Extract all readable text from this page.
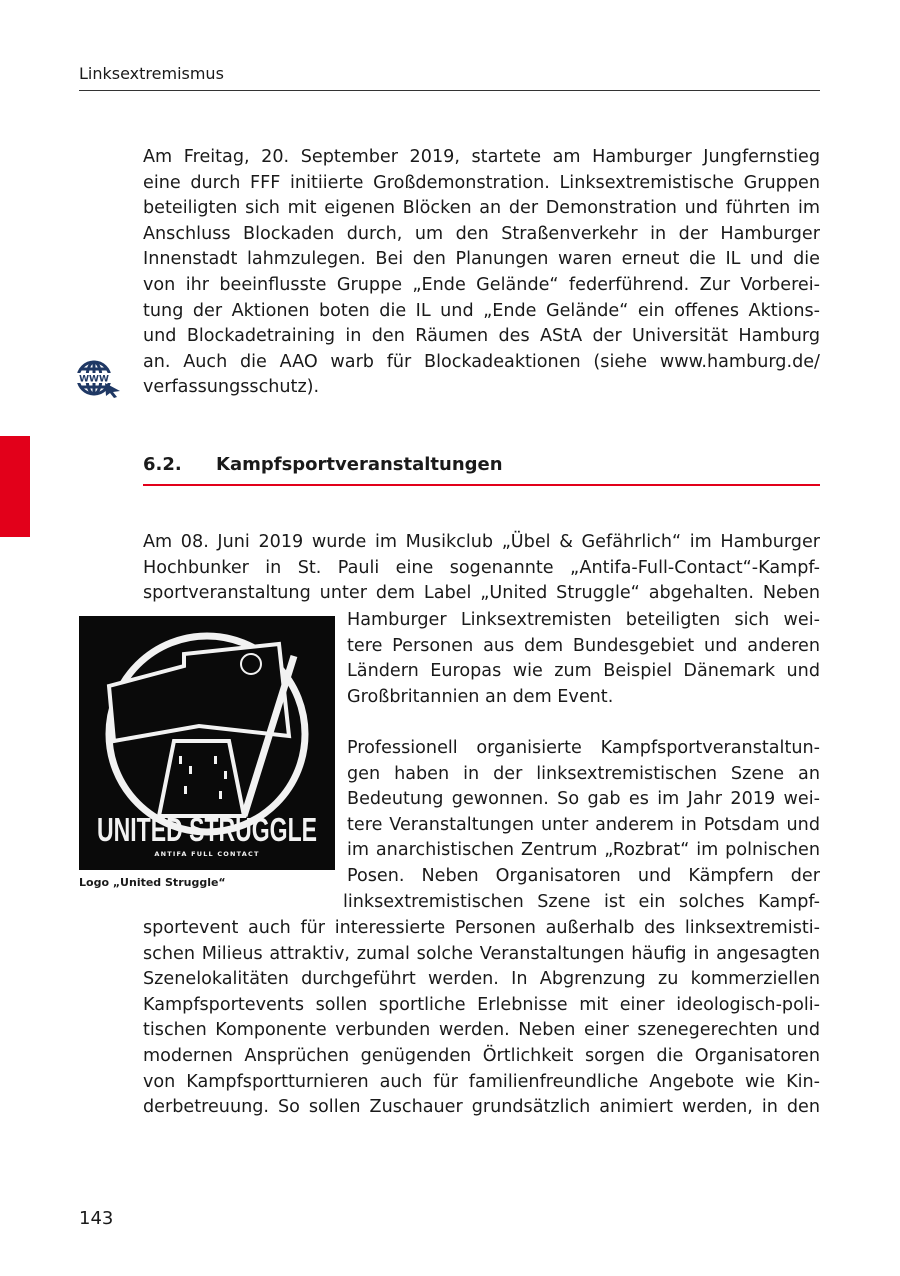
Linksextremismus
WWW
6.2. Kampfsportveranstaltungen
UNITED STRUGGLE
ANTIFA FULL CONTACT
Logo „United Struggle“
Am Freitag, 20. September 2019, startete am Hamburger Jungfernstieg
eine durch FFF initiierte Großdemonstration. Linksextremistische Gruppen
beteiligten sich mit eigenen Blöcken an der Demonstration und führten im
Anschluss Blockaden durch, um den Straßenverkehr in der Hamburger
Innenstadt lahmzulegen. Bei den Planungen waren erneut die IL und die
von ihr beeinflusste Gruppe „Ende Gelände“ federführend. Zur Vorberei-
tung der Aktionen boten die IL und „Ende Gelände“ ein offenes Aktions-
und Blockadetraining in den Räumen des AStA der Universität Hamburg
an. Auch die AAO warb für Blockadeaktionen (siehe www.hamburg.de/
verfassungsschutz).
Am 08. Juni 2019 wurde im Musikclub „Übel & Gefährlich“ im Hamburger
Hochbunker in St. Pauli eine sogenannte „Antifa-Full-Contact“-Kampf-
sportveranstaltung unter dem Label „United Struggle“ abgehalten. Neben
Hamburger Linksextremisten beteiligten sich wei-
tere Personen aus dem Bundesgebiet und anderen
Ländern Europas wie zum Beispiel Dänemark und
Großbritannien an dem Event.
Professionell organisierte Kampfsportveranstaltun-
gen haben in der linksextremistischen Szene an
Bedeutung gewonnen. So gab es im Jahr 2019 wei-
tere Veranstaltungen unter anderem in Potsdam und
im anarchistischen Zentrum „Rozbrat“ im polnischen
Posen. Neben Organisatoren und Kämpfern der
linksextremistischen Szene ist ein solches Kampf-
sportevent auch für interessierte Personen außerhalb des linksextremisti-
schen Milieus attraktiv, zumal solche Veranstaltungen häufig in angesagten
Szenelokalitäten durchgeführt werden. In Abgrenzung zu kommerziellen
Kampfsportevents sollen sportliche Erlebnisse mit einer ideologisch-poli-
tischen Komponente verbunden werden. Neben einer szenegerechten und
modernen Ansprüchen genügenden Örtlichkeit sorgen die Organisatoren
von Kampfsportturnieren auch für familienfreundliche Angebote wie Kin-
derbetreuung. So sollen Zuschauer grundsätzlich animiert werden, in den
143
